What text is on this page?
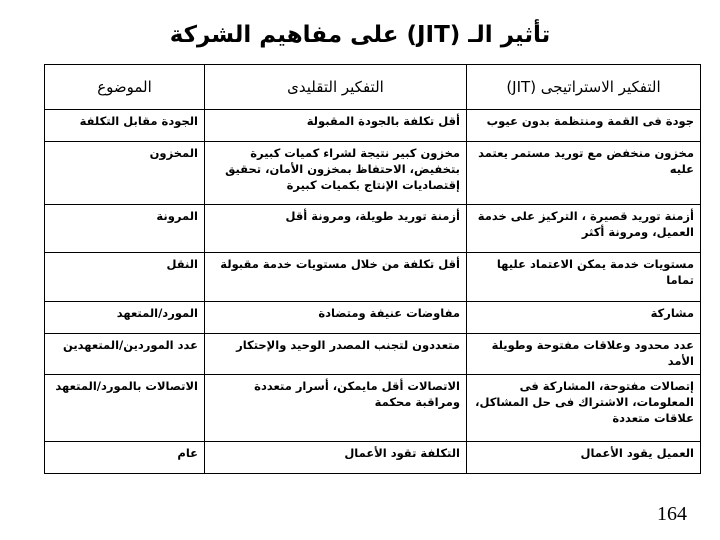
تأثير الـ (JIT) على مفاهيم الشركة
التفكير الاستراتيجى (JIT)	التفكير التقليدى	الموضوع
جودة فى القمة ومنتظمة بدون عيوب	أقل تكلفة بالجودة المقبولة	الجودة مقابل التكلفة
مخزون منخفض مع توريد مستمر يعتمد عليه	مخزون كبير نتيجة لشراء كميات كبيرة بتخفيض، الاحتفاظ بمخزون الأمان، تحقيق إقتصاديات الإنتاج بكميات كبيرة	المخزون
أزمنة توريد قصيرة ، التركيز على خدمة العميل، ومرونة أكثر	أزمنة توريد طويلة، ومرونة أقل	المرونة
مستويات خدمة يمكن الاعتماد عليها تماما	أقل تكلفة من خلال مستويات خدمة مقبولة	النقل
مشاركة	مفاوضات عنيفة ومتضادة	المورد/المتعهد
عدد محدود وعلاقات مفتوحة وطويلة الأمد	متعددون لتجنب المصدر الوحيد والإحتكار	عدد الموردين/المتعهدين
إتصالات مفتوحة، المشاركة فى المعلومات، الاشتراك فى حل المشاكل، علاقات متعددة	الاتصالات أقل مايمكن، أسرار متعددة ومراقبة محكمة	الاتصالات بالمورد/المتعهد
العميل يقود الأعمال	التكلفة تقود الأعمال	عام
164
